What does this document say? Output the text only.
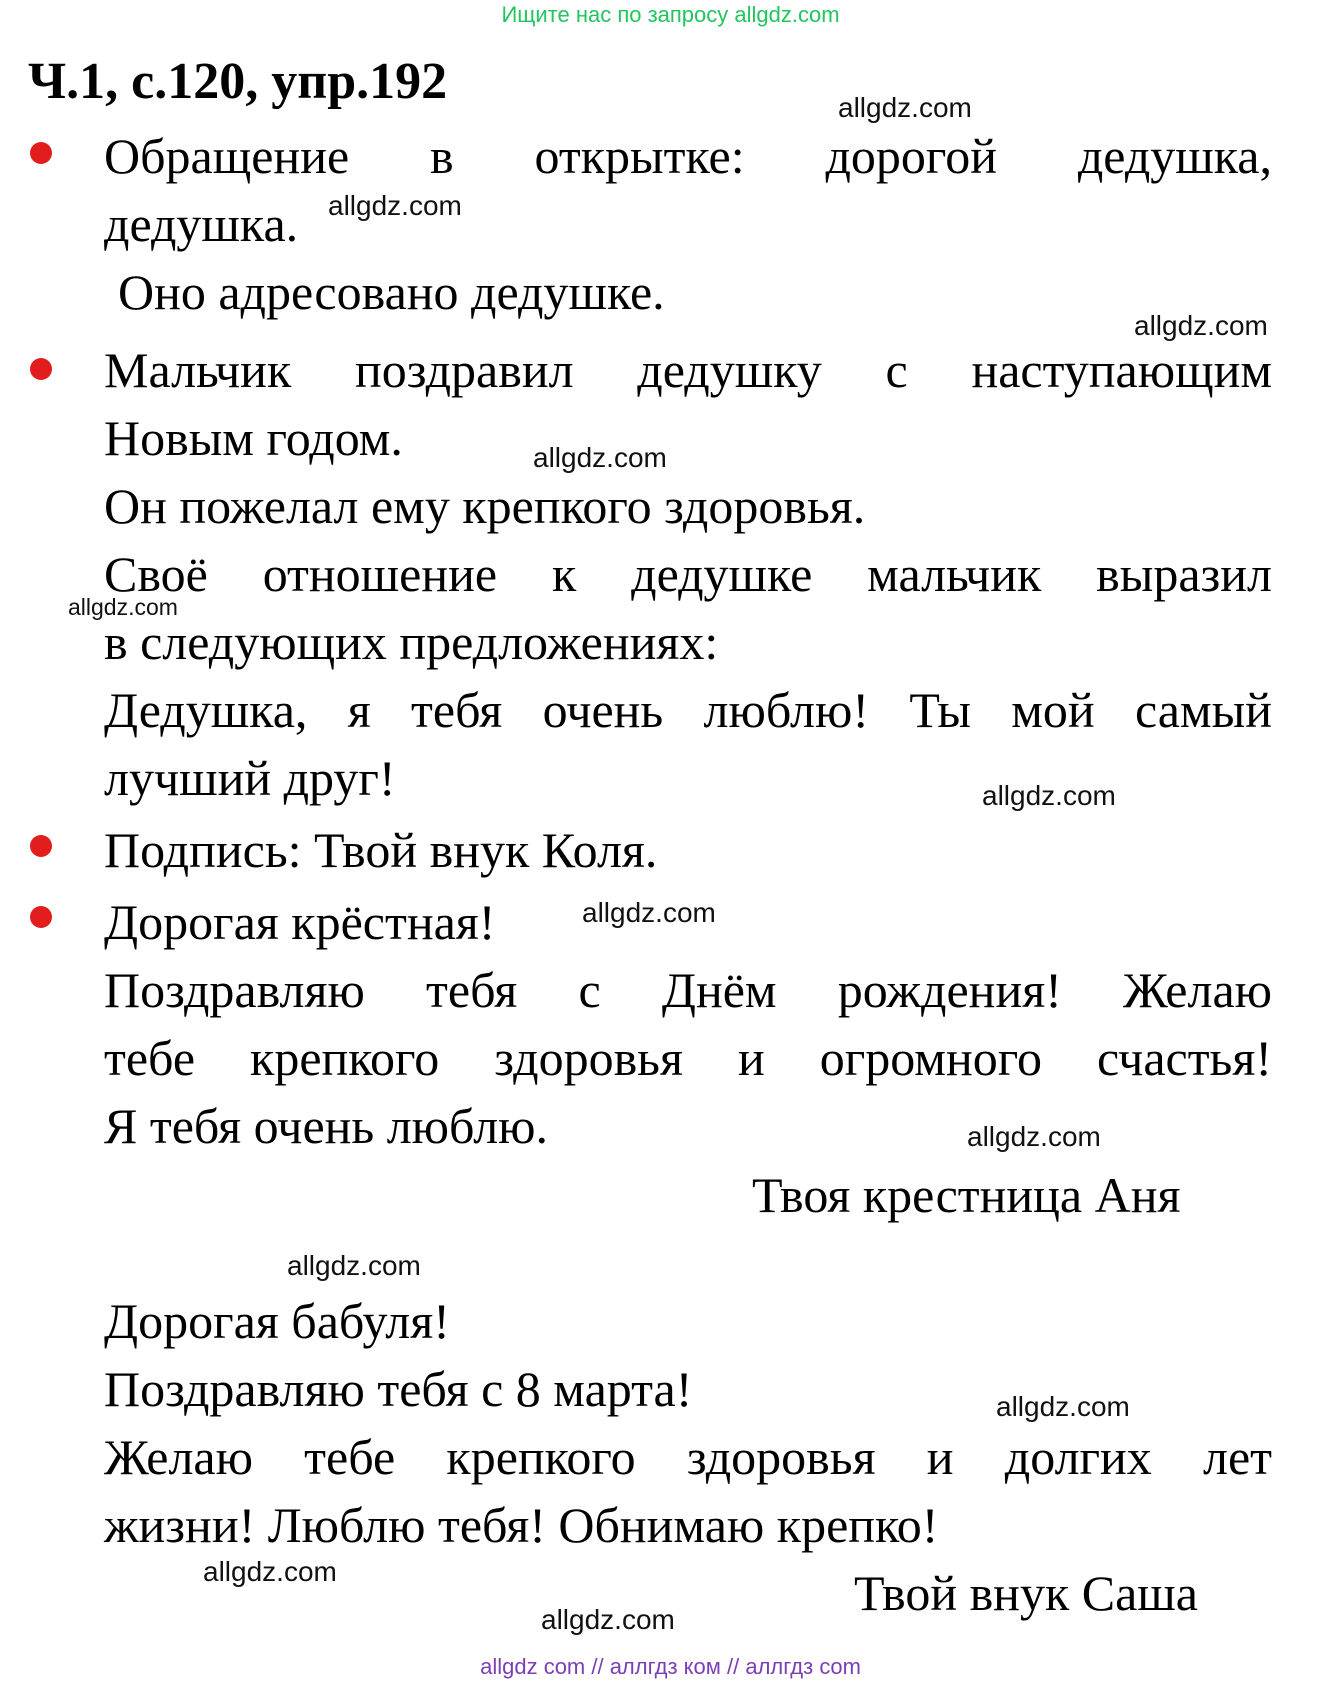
Ищите нас по запросу allgdz.com
Ч.1, с.120, упр.192
Обращение в открытке: дорогой дедушка,
дедушка.
Оно адресовано дедушке.
Мальчик поздравил дедушку с наступающим
Новым годом.
Он пожелал ему крепкого здоровья.
Своё отношение к дедушке мальчик выразил
в следующих предложениях:
Дедушка, я тебя очень люблю! Ты мой самый
лучший друг!
Подпись: Твой внук Коля.
Дорогая крёстная!
Поздравляю тебя с Днём рождения! Желаю
тебе крепкого здоровья и огромного счастья!
Я тебя очень люблю.
Твоя крестница Аня
Дорогая бабуля!
Поздравляю тебя с 8 марта!
Желаю тебе крепкого здоровья и долгих лет
жизни! Люблю тебя! Обнимаю крепко!
Твой внук Саша
allgdz.com
allgdz.com
allgdz.com
allgdz.com
allgdz.com
allgdz.com
allgdz.com
allgdz.com
allgdz.com
allgdz.com
allgdz.com
allgdz.com
allgdz com // аллгдз ком // аллгдз com
